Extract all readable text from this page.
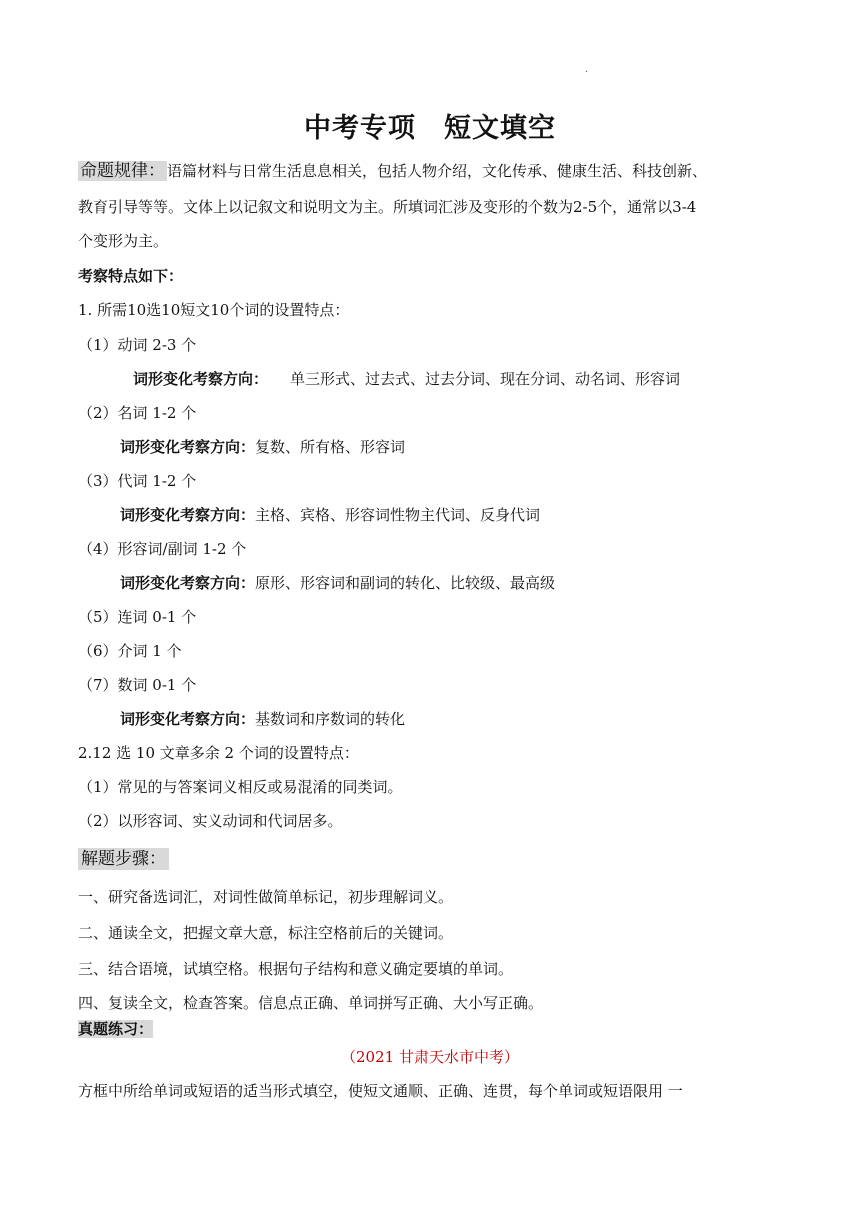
.
中考专项　短文填空
命题规律： 语篇材料与日常生活息息相关，包括人物介绍，文化传承、健康生活、科技创新、
教育引导等等。文体上以记叙文和说明文为主。所填词汇涉及变形的个数为2-5个，通常以3-4
个变形为主。
考察特点如下：
1. 所需10选10短文10个词的设置特点：
（1）动词 2-3 个
词形变化考察方向： 单三形式、过去式、过去分词、现在分词、动名词、形容词
（2）名词 1-2 个
词形变化考察方向：复数、所有格、形容词
（3）代词 1-2 个
词形变化考察方向：主格、宾格、形容词性物主代词、反身代词
（4）形容词/副词 1-2 个
词形变化考察方向：原形、形容词和副词的转化、比较级、最高级
（5）连词 0-1 个
（6）介词 1 个
（7）数词 0-1 个
词形变化考察方向：基数词和序数词的转化
2.12 选 10 文章多余 2 个词的设置特点：
（1）常见的与答案词义相反或易混淆的同类词。
（2）以形容词、实义动词和代词居多。
解题步骤：
一、研究备选词汇，对词性做简单标记，初步理解词义。
二、通读全文，把握文章大意，标注空格前后的关键词。
三、结合语境，试填空格。根据句子结构和意义确定要填的单词。
四、复读全文，检查答案。信息点正确、单词拼写正确、大小写正确。
真题练习：
（2021 甘肃天水市中考）
方框中所给单词或短语的适当形式填空，使短文通顺、正确、连贯，每个单词或短语限用 一
